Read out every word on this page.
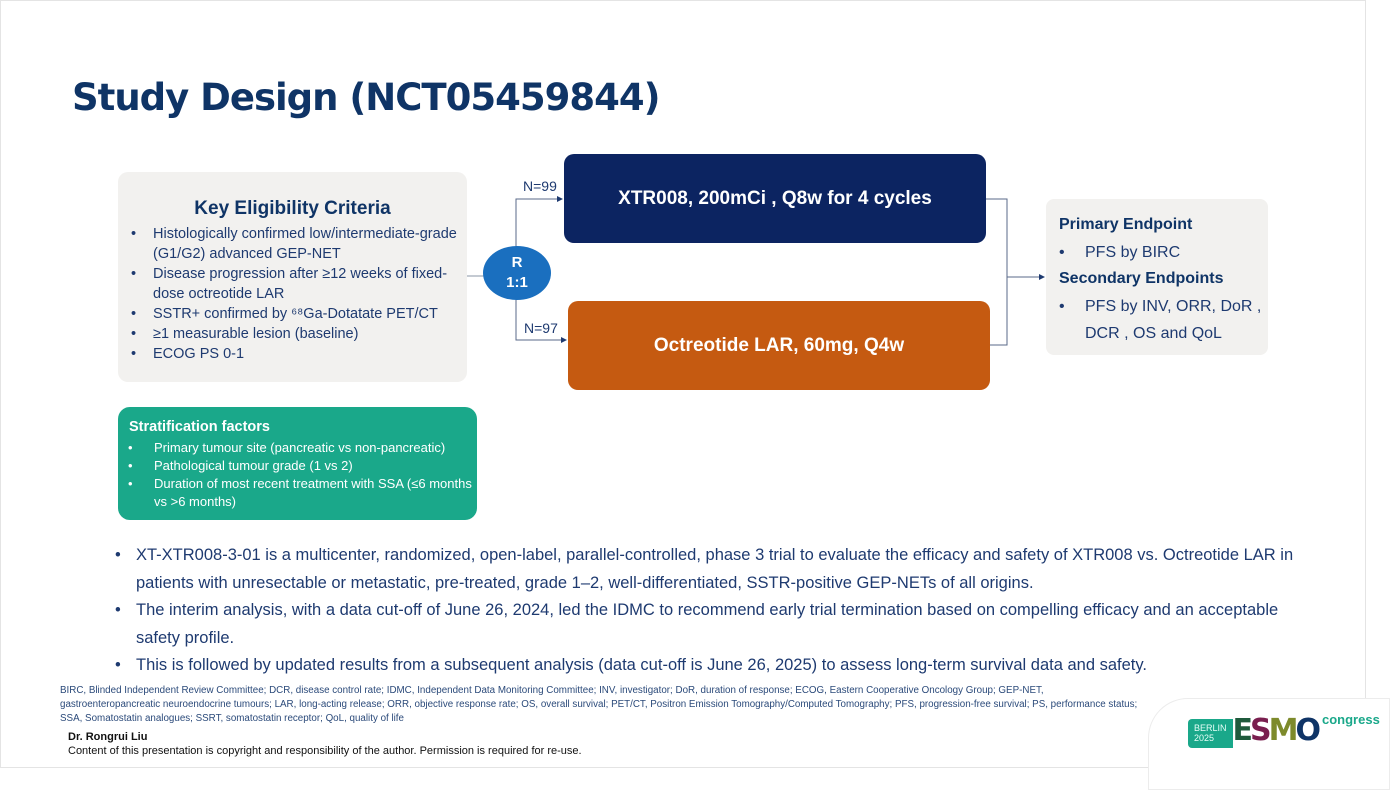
Study Design (NCT05459844)
Key Eligibility Criteria
• Histologically confirmed low/intermediate-grade (G1/G2) advanced GEP-NET
• Disease progression after ≥12 weeks of fixed-dose octreotide LAR
• SSTR+ confirmed by ⁶⁸Ga-Dotatate PET/CT
• ≥1 measurable lesion (baseline)
• ECOG PS 0-1
Stratification factors
• Primary tumour site (pancreatic vs non-pancreatic)
• Pathological tumour grade (1 vs 2)
• Duration of most recent treatment with SSA (≤6 months vs >6 months)
R
1:1
N=99
N=97
XTR008, 200mCi , Q8w for 4 cycles
Octreotide LAR, 60mg, Q4w
Primary Endpoint
• PFS by BIRC
Secondary Endpoints
• PFS by INV, ORR, DoR , DCR , OS and QoL
• XT-XTR008-3-01 is a multicenter, randomized, open-label, parallel-controlled, phase 3 trial to evaluate the efficacy and safety of XTR008 vs. Octreotide LAR in patients with unresectable or metastatic, pre-treated, grade 1–2, well-differentiated, SSTR-positive GEP-NETs of all origins.
• The interim analysis, with a data cut-off of June 26, 2024, led the IDMC to recommend early trial termination based on compelling efficacy and an acceptable safety profile.
• This is followed by updated results from a subsequent analysis (data cut-off is June 26, 2025) to assess long-term survival data and safety.
BIRC, Blinded Independent Review Committee; DCR, disease control rate; IDMC, Independent Data Monitoring Committee; INV, investigator; DoR, duration of response; ECOG, Eastern Cooperative Oncology Group; GEP-NET, gastroenteropancreatic neuroendocrine tumours; LAR, long-acting release; ORR, objective response rate; OS, overall survival; PET/CT, Positron Emission Tomography/Computed Tomography; PFS, progression-free survival; PS, performance status; SSA, Somatostatin analogues; SSRT, somatostatin receptor; QoL, quality of life
Dr. Rongrui Liu
Content of this presentation is copyright and responsibility of the author. Permission is required for re-use.
BERLIN
2025 ESMO congress
